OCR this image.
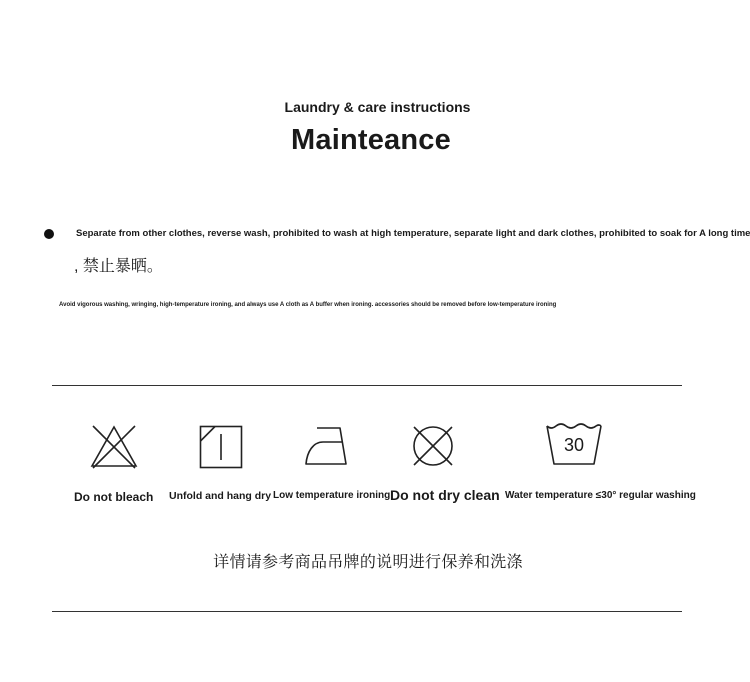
Laundry & care instructions
Mainteance
Separate from other clothes, reverse wash, prohibited to wash at high temperature, separate light and dark clothes, prohibited to soak for A long time
, 禁止暴晒。
Avoid vigorous washing, wringing, high-temperature ironing, and always use A cloth as A buffer when ironing. accessories should be removed before low-temperature ironing
30
Do not bleach Unfold and hang dry Low temperature ironing Do not dry clean Water temperature ≤30° regular washing
详情请参考商品吊牌的说明进行保养和洗涤
